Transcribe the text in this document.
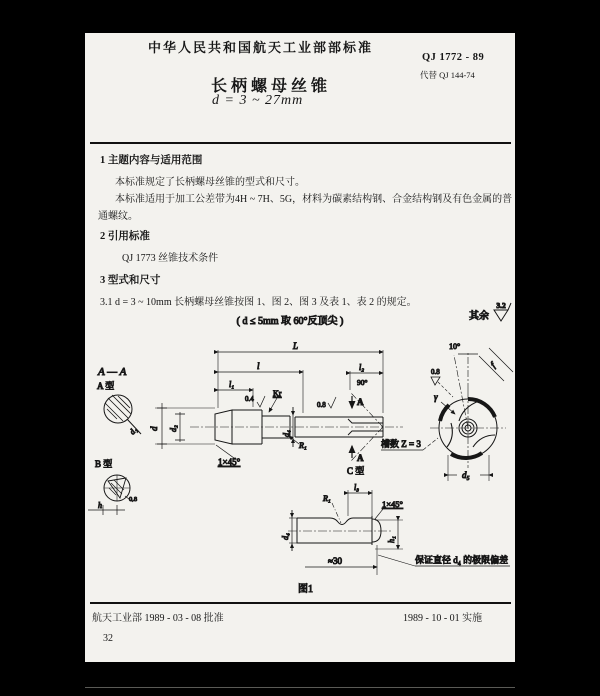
中华人民共和国航天工业部部标准
QJ 1772 - 89
代替 QJ 144-74
长柄螺母丝锥
d = 3 ~ 27mm
1 主题内容与适用范围
本标准规定了长柄螺母丝锥的型式和尺寸。
本标准适用于加工公差带为4H ~ 7H、5G，材料为碳素结构钢、合金结构钢及有色金属的普
通螺纹。
2 引用标准
QJ 1773 丝锥技术条件
3 型式和尺寸
3.1 d = 3 ~ 10mm 长柄螺母丝锥按图 1、图 2、图 3 及表 1、表 2 的规定。
( d ≤ 5mm 取 60°反顶尖 )	其余
3.2
A — A
A 型
d₁
B 型
0.8
h
L
l
l₁
d d₂
0.4
Kr
d₄
0.8
l₂
90°
A
A
R₁
1×45°
10°
0.8
f
γ
槽数 Z = 3
d₅
C 型
l₃
R₁
1×45°
d₄	h₁
≈30	保证直径 d₄ 的极限偏差
图1
航天工业部 1989 - 03 - 08 批准	1989 - 10 - 01 实施
32
